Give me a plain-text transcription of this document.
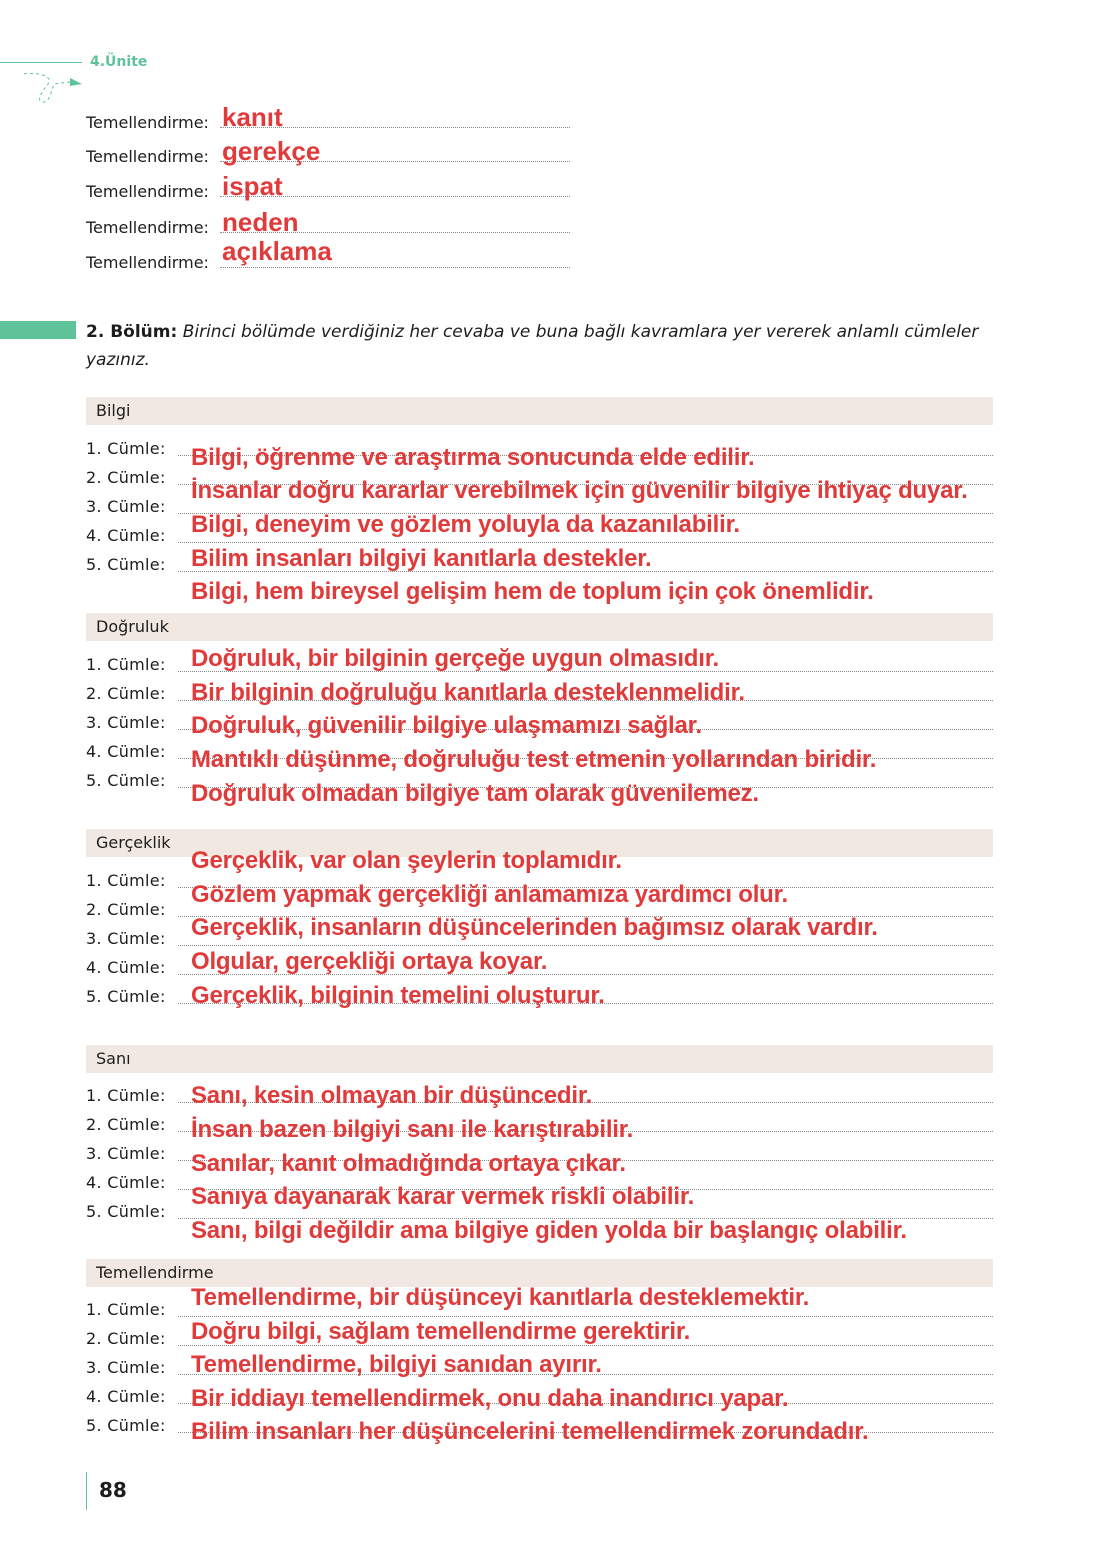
4.Ünite
Temellendirme: kanıt
Temellendirme: gerekçe
Temellendirme: ispat
Temellendirme: neden
Temellendirme: açıklama
2. Bölüm: Birinci bölümde verdiğiniz her cevaba ve buna bağlı kavramlara yer vererek anlamlı cümleler yazınız.
Bilgi
1. Cümle:
2. Cümle:
3. Cümle:
4. Cümle:
5. Cümle:
Bilgi, öğrenme ve araştırma sonucunda elde edilir.
İnsanlar doğru kararlar verebilmek için güvenilir bilgiye ihtiyaç duyar.
Bilgi, deneyim ve gözlem yoluyla da kazanılabilir.
Bilim insanları bilgiyi kanıtlarla destekler.
Bilgi, hem bireysel gelişim hem de toplum için çok önemlidir.
Doğruluk
1. Cümle:
2. Cümle:
3. Cümle:
4. Cümle:
5. Cümle:
Doğruluk, bir bilginin gerçeğe uygun olmasıdır.
Bir bilginin doğruluğu kanıtlarla desteklenmelidir.
Doğruluk, güvenilir bilgiye ulaşmamızı sağlar.
Mantıklı düşünme, doğruluğu test etmenin yollarından biridir.
Doğruluk olmadan bilgiye tam olarak güvenilemez.
Gerçeklik
1. Cümle:
2. Cümle:
3. Cümle:
4. Cümle:
5. Cümle:
Gerçeklik, var olan şeylerin toplamıdır.
Gözlem yapmak gerçekliği anlamamıza yardımcı olur.
Gerçeklik, insanların düşüncelerinden bağımsız olarak vardır.
Olgular, gerçekliği ortaya koyar.
Gerçeklik, bilginin temelini oluşturur.
Sanı
1. Cümle:
2. Cümle:
3. Cümle:
4. Cümle:
5. Cümle:
Sanı, kesin olmayan bir düşüncedir.
İnsan bazen bilgiyi sanı ile karıştırabilir.
Sanılar, kanıt olmadığında ortaya çıkar.
Sanıya dayanarak karar vermek riskli olabilir.
Sanı, bilgi değildir ama bilgiye giden yolda bir başlangıç olabilir.
Temellendirme
1. Cümle:
2. Cümle:
3. Cümle:
4. Cümle:
5. Cümle:
Temellendirme, bir düşünceyi kanıtlarla desteklemektir.
Doğru bilgi, sağlam temellendirme gerektirir.
Temellendirme, bilgiyi sanıdan ayırır.
Bir iddiayı temellendirmek, onu daha inandırıcı yapar.
Bilim insanları her düşüncelerini temellendirmek zorundadır.
88
